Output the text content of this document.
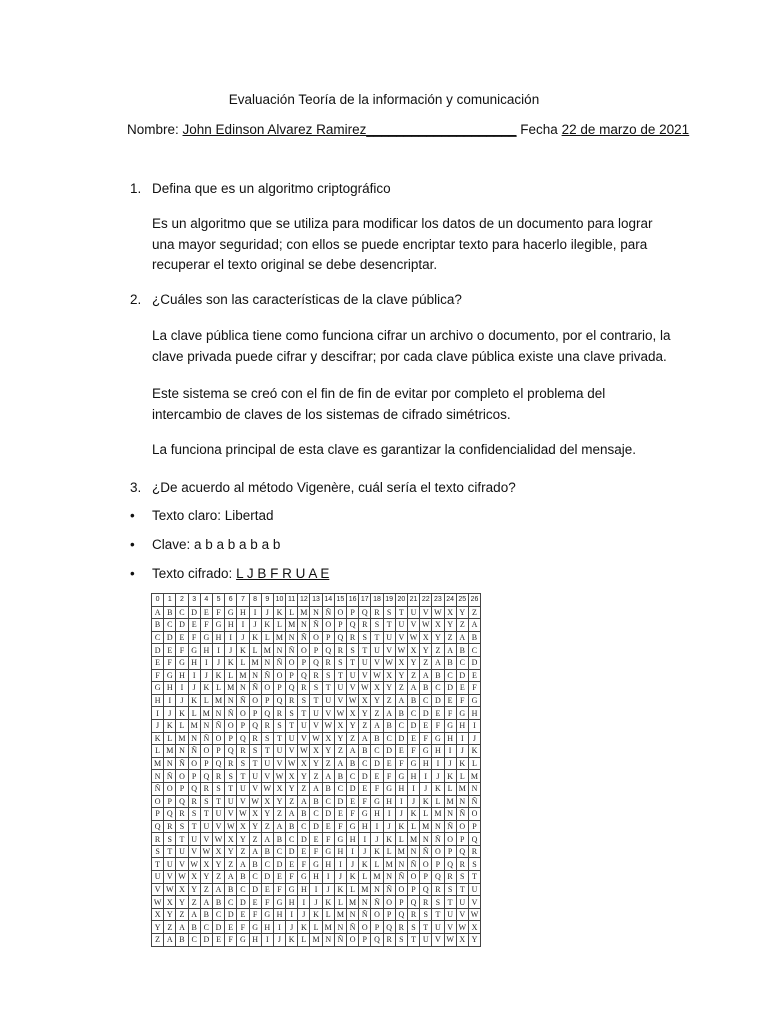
Evaluación Teoría de la información y comunicación
Nombre: John Edinson Alvarez Ramirez____________________ Fecha 22 de marzo de 2021
1. Defina que es un algoritmo criptográfico
Es un algoritmo que se utiliza para modificar los datos de un documento para lograr una mayor seguridad; con ellos se puede encriptar texto para hacerlo ilegible, para recuperar el texto original se debe desencriptar.
2. ¿Cuáles son las características de la clave pública?
La clave pública tiene como funciona cifrar un archivo o documento, por el contrario, la clave privada puede cifrar y descifrar; por cada clave pública existe una clave privada.
Este sistema se creó con el fin de fin de evitar por completo el problema del intercambio de claves de los sistemas de cifrado simétricos.
La funciona principal de esta clave es garantizar la confidencialidad del mensaje.
3. ¿De acuerdo al método Vigenère, cuál sería el texto cifrado?
• Texto claro: Libertad
• Clave: a b a b a b a b
• Texto cifrado: L J B F R U A E
0	1	2	3	4	5	6	7	8	9	10	11	12	13	14	15	16	17	18	19	20	21	22	23	24	25	26
A	B	C	D	E	F	G	H	I	J	K	L	M	N	Ñ	O	P	Q	R	S	T	U	V	W	X	Y	Z
B	C	D	E	F	G	H	I	J	K	L	M	N	Ñ	O	P	Q	R	S	T	U	V	W	X	Y	Z	A
C	D	E	F	G	H	I	J	K	L	M	N	Ñ	O	P	Q	R	S	T	U	V	W	X	Y	Z	A	B
D	E	F	G	H	I	J	K	L	M	N	Ñ	O	P	Q	R	S	T	U	V	W	X	Y	Z	A	B	C
E	F	G	H	I	J	K	L	M	N	Ñ	O	P	Q	R	S	T	U	V	W	X	Y	Z	A	B	C	D
F	G	H	I	J	K	L	M	N	Ñ	O	P	Q	R	S	T	U	V	W	X	Y	Z	A	B	C	D	E
G	H	I	J	K	L	M	N	Ñ	O	P	Q	R	S	T	U	V	W	X	Y	Z	A	B	C	D	E	F
H	I	J	K	L	M	N	Ñ	O	P	Q	R	S	T	U	V	W	X	Y	Z	A	B	C	D	E	F	G
I	J	K	L	M	N	Ñ	O	P	Q	R	S	T	U	V	W	X	Y	Z	A	B	C	D	E	F	G	H
J	K	L	M	N	Ñ	O	P	Q	R	S	T	U	V	W	X	Y	Z	A	B	C	D	E	F	G	H	I
K	L	M	N	Ñ	O	P	Q	R	S	T	U	V	W	X	Y	Z	A	B	C	D	E	F	G	H	I	J
L	M	N	Ñ	O	P	Q	R	S	T	U	V	W	X	Y	Z	A	B	C	D	E	F	G	H	I	J	K
M	N	Ñ	O	P	Q	R	S	T	U	V	W	X	Y	Z	A	B	C	D	E	F	G	H	I	J	K	L
N	Ñ	O	P	Q	R	S	T	U	V	W	X	Y	Z	A	B	C	D	E	F	G	H	I	J	K	L	M
Ñ	O	P	Q	R	S	T	U	V	W	X	Y	Z	A	B	C	D	E	F	G	H	I	J	K	L	M	N
O	P	Q	R	S	T	U	V	W	X	Y	Z	A	B	C	D	E	F	G	H	I	J	K	L	M	N	Ñ
P	Q	R	S	T	U	V	W	X	Y	Z	A	B	C	D	E	F	G	H	I	J	K	L	M	N	Ñ	O
Q	R	S	T	U	V	W	X	Y	Z	A	B	C	D	E	F	G	H	I	J	K	L	M	N	Ñ	O	P
R	S	T	U	V	W	X	Y	Z	A	B	C	D	E	F	G	H	I	J	K	L	M	N	Ñ	O	P	Q
S	T	U	V	W	X	Y	Z	A	B	C	D	E	F	G	H	I	J	K	L	M	N	Ñ	O	P	Q	R
T	U	V	W	X	Y	Z	A	B	C	D	E	F	G	H	I	J	K	L	M	N	Ñ	O	P	Q	R	S
U	V	W	X	Y	Z	A	B	C	D	E	F	G	H	I	J	K	L	M	N	Ñ	O	P	Q	R	S	T
V	W	X	Y	Z	A	B	C	D	E	F	G	H	I	J	K	L	M	N	Ñ	O	P	Q	R	S	T	U
W	X	Y	Z	A	B	C	D	E	F	G	H	I	J	K	L	M	N	Ñ	O	P	Q	R	S	T	U	V
X	Y	Z	A	B	C	D	E	F	G	H	I	J	K	L	M	N	Ñ	O	P	Q	R	S	T	U	V	W
Y	Z	A	B	C	D	E	F	G	H	I	J	K	L	M	N	Ñ	O	P	Q	R	S	T	U	V	W	X
Z	A	B	C	D	E	F	G	H	I	J	K	L	M	N	Ñ	O	P	Q	R	S	T	U	V	W	X	Y
